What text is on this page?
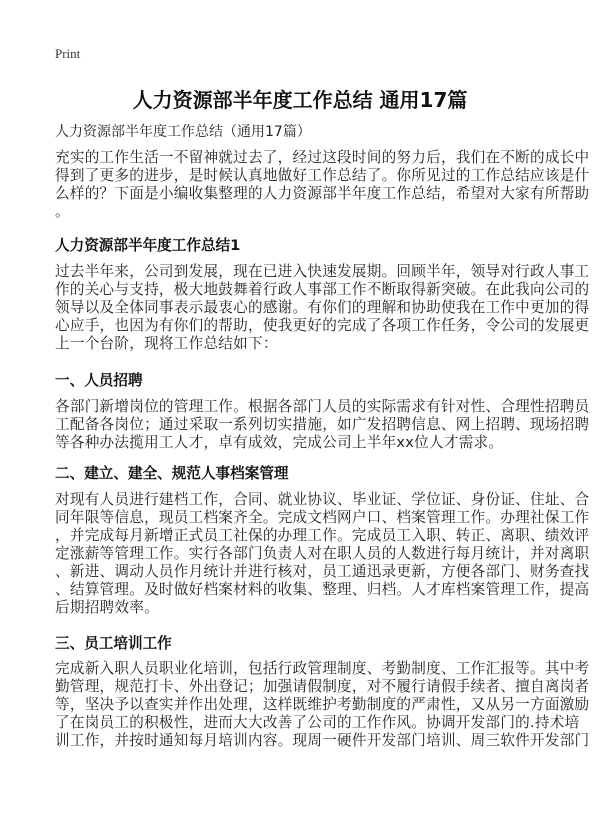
Print
人力资源部半年度工作总结 通用17篇
人力资源部半年度工作总结（通用17篇）
充实的工作生活一不留神就过去了，经过这段时间的努力后，我们在不断的成长中
得到了更多的进步，是时候认真地做好工作总结了。你所见过的工作总结应该是什
么样的？下面是小编收集整理的人力资源部半年度工作总结，希望对大家有所帮助
。
人力资源部半年度工作总结1
过去半年来，公司到发展，现在已进入快速发展期。回顾半年，领导对行政人事工
作的关心与支持，极大地鼓舞着行政人事部工作不断取得新突破。在此我向公司的
领导以及全体同事表示最衷心的感谢。有你们的理解和协助使我在工作中更加的得
心应手，也因为有你们的帮助，使我更好的完成了各项工作任务，令公司的发展更
上一个台阶，现将工作总结如下：
一、人员招聘
各部门新增岗位的管理工作。根据各部门人员的实际需求有针对性、合理性招聘员
工配备各岗位；通过采取一系列切实措施，如广发招聘信息、网上招聘、现场招聘
等各种办法揽用工人才，卓有成效，完成公司上半年xx位人才需求。
二、建立、建全、规范人事档案管理
对现有人员进行建档工作，合同、就业协议、毕业证、学位证、身份证、住址、合
同年限等信息，现员工档案齐全。完成文档网户口、档案管理工作。办理社保工作
，并完成每月新增正式员工社保的办理工作。完成员工入职、转正、离职、绩效评
定涨薪等管理工作。实行各部门负责人对在职人员的人数进行每月统计，并对离职
、新进、调动人员作月统计并进行核对，员工通迅录更新，方便各部门、财务查找
、结算管理。及时做好档案材料的收集、整理、归档。人才库档案管理工作，提高
后期招聘效率。
三、员工培训工作
完成新入职人员职业化培训，包括行政管理制度、考勤制度、工作汇报等。其中考
勤管理，规范打卡、外出登记；加强请假制度，对不履行请假手续者、擅自离岗者
等，坚决予以查实并作出处理，这样既维护考勤制度的严肃性，又从另一方面激励
了在岗员工的积极性，进而大大改善了公司的工作作风。协调开发部门的.持术培
训工作，并按时通知每月培训内容。现周一硬件开发部门培训、周三软件开发部门
